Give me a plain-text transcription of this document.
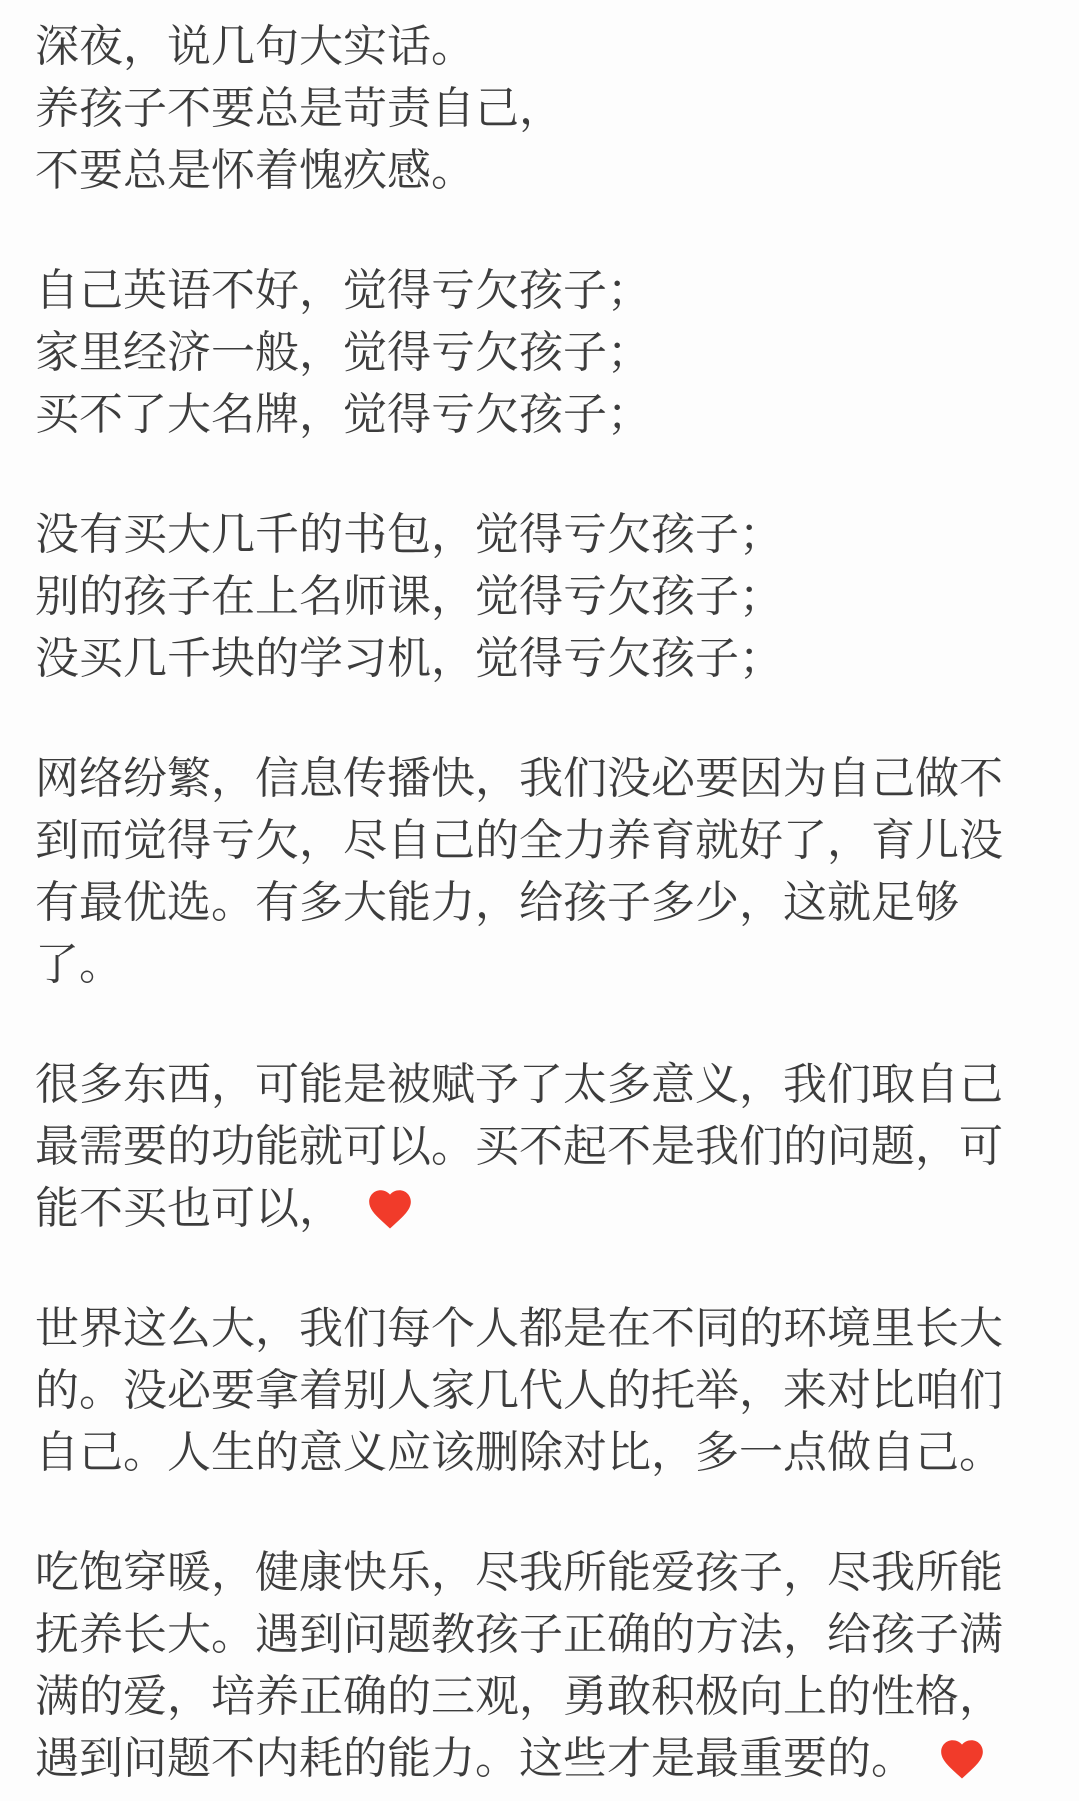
深夜，说几句大实话。
养孩子不要总是苛责自己，
不要总是怀着愧疚感。
自己英语不好，觉得亏欠孩子；
家里经济一般，觉得亏欠孩子；
买不了大名牌，觉得亏欠孩子；
没有买大几千的书包，觉得亏欠孩子；
别的孩子在上名师课，觉得亏欠孩子；
没买几千块的学习机，觉得亏欠孩子；
网络纷繁，信息传播快，我们没必要因为自己做不
到而觉得亏欠，尽自己的全力养育就好了，育儿没
有最优选。有多大能力，给孩子多少，这就足够
了。
很多东西，可能是被赋予了太多意义，我们取自己
最需要的功能就可以。买不起不是我们的问题，可
能不买也可以，
世界这么大，我们每个人都是在不同的环境里长大
的。没必要拿着别人家几代人的托举，来对比咱们
自己。人生的意义应该删除对比，多一点做自己。
吃饱穿暖，健康快乐，尽我所能爱孩子，尽我所能
抚养长大。遇到问题教孩子正确的方法，给孩子满
满的爱，培养正确的三观，勇敢积极向上的性格，
遇到问题不内耗的能力。这些才是最重要的。
